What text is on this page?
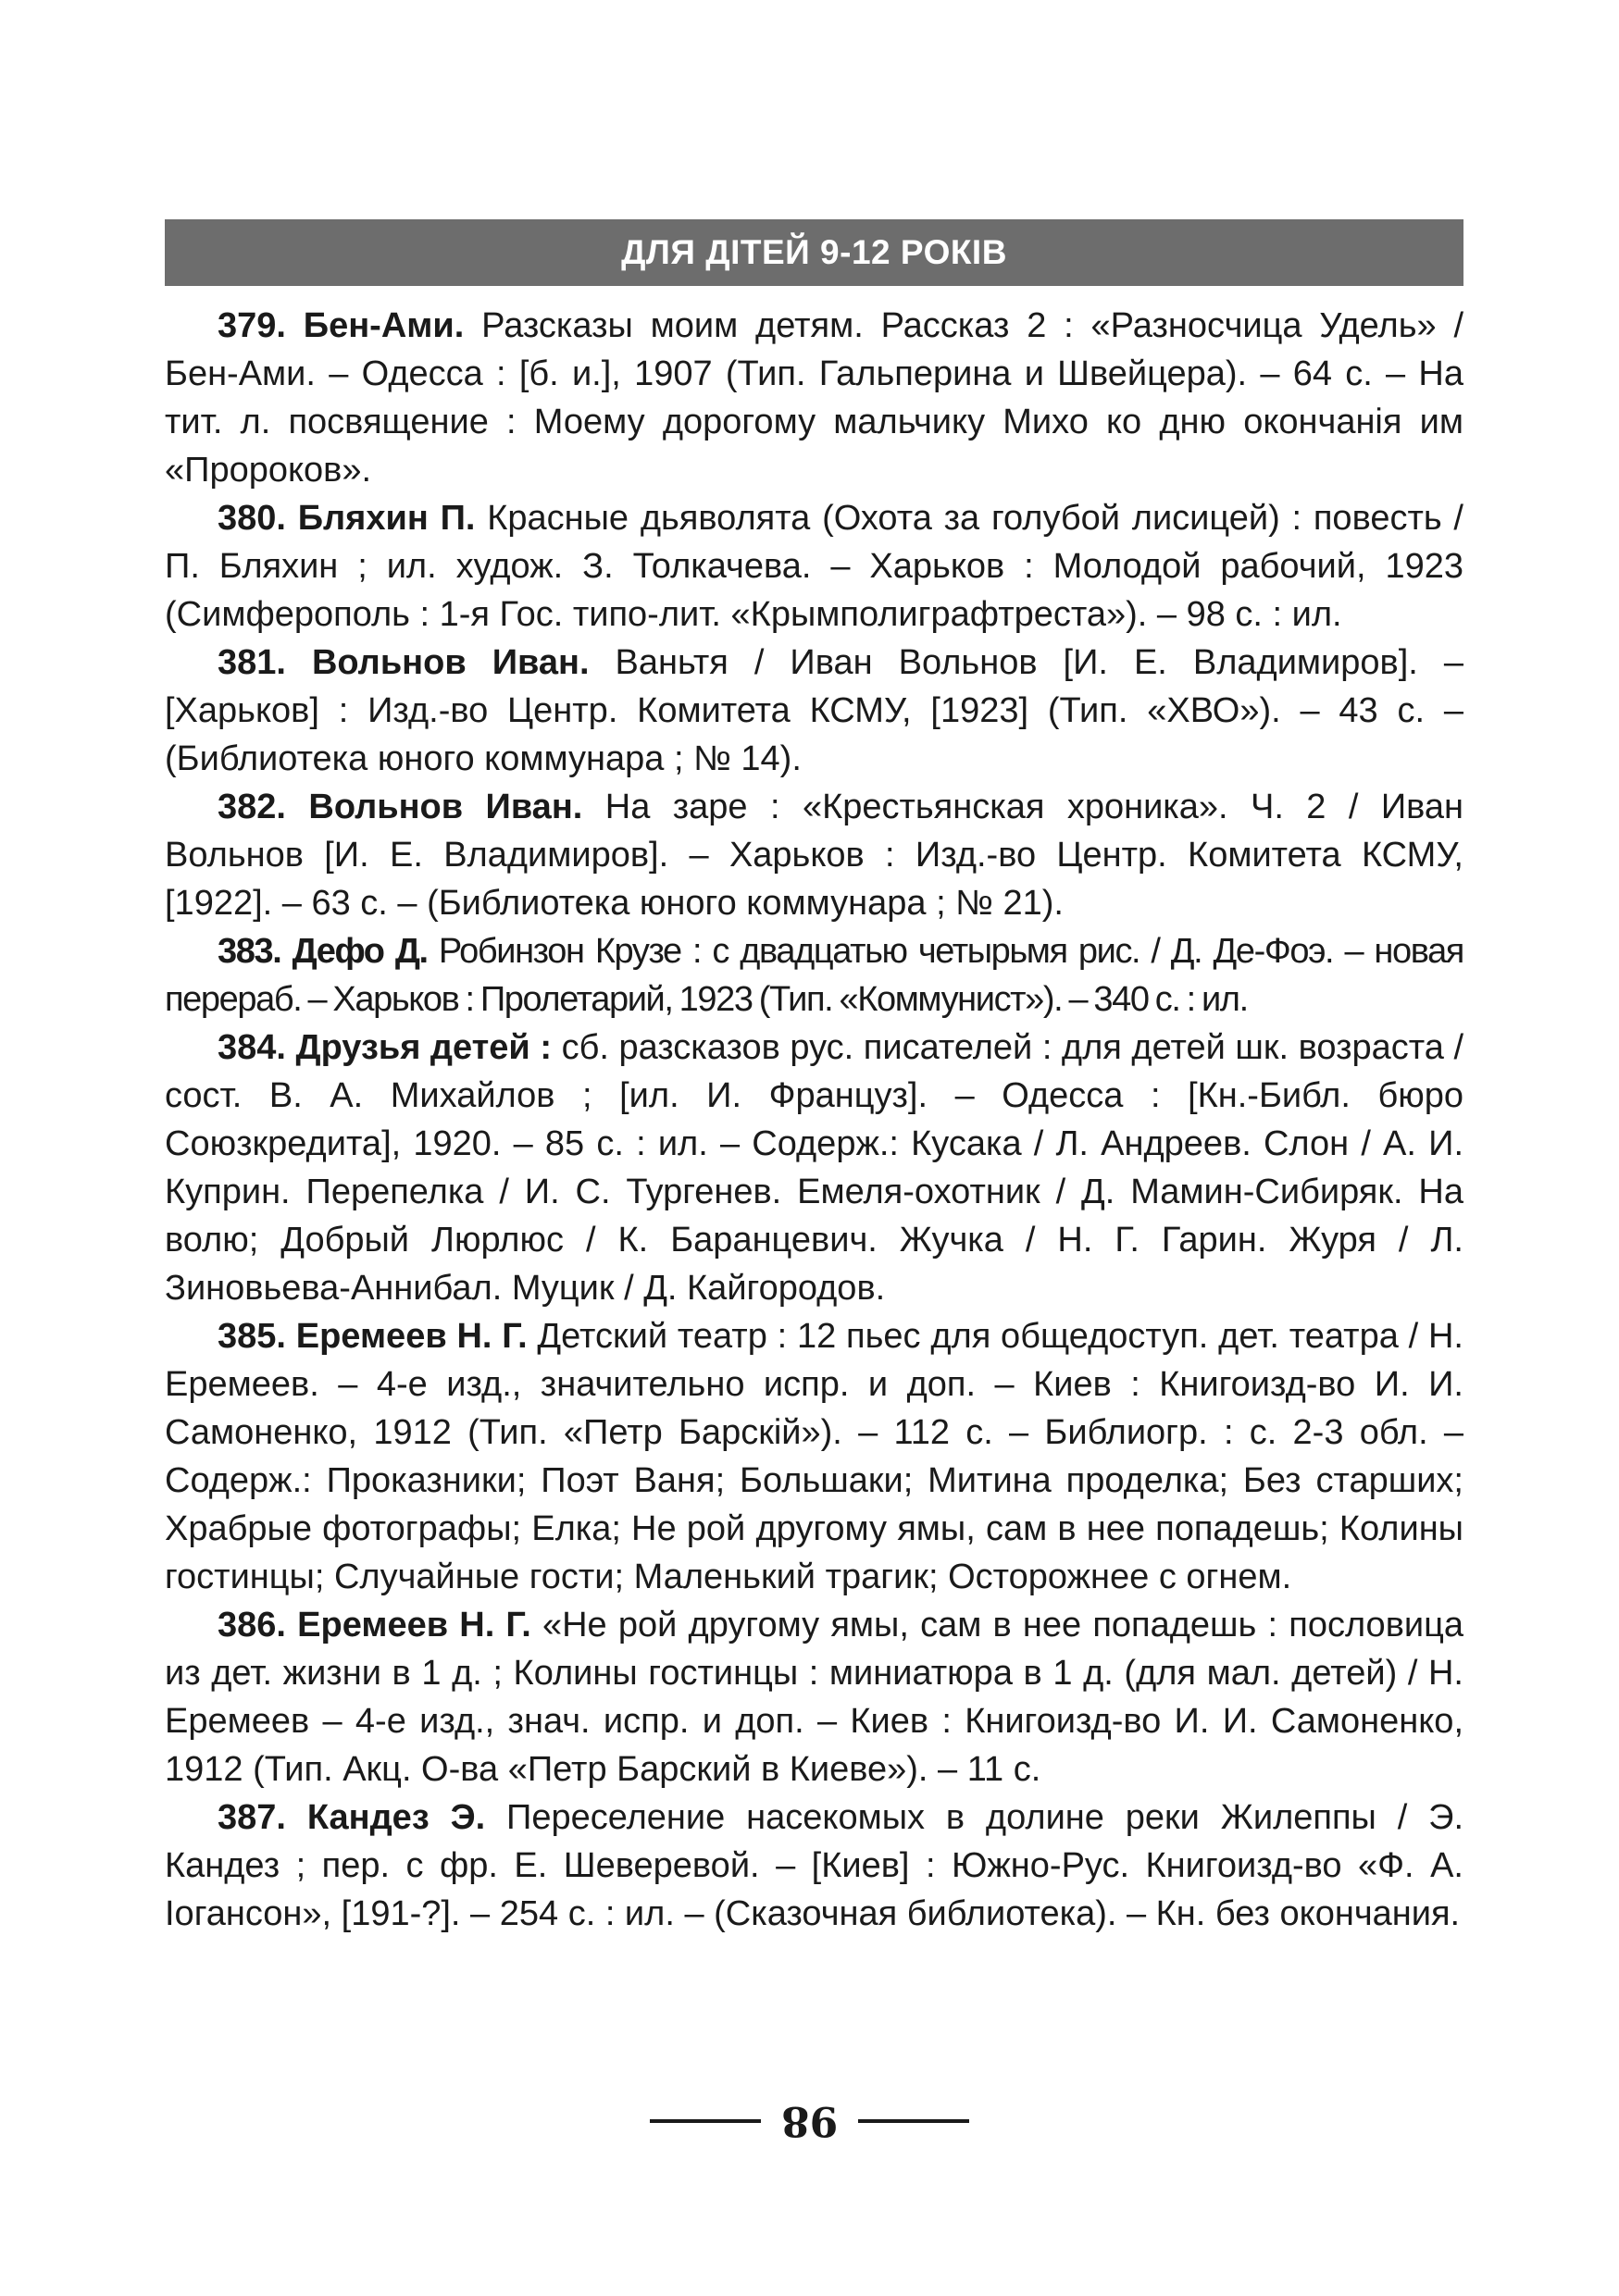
ДЛЯ ДІТЕЙ 9-12 РОКІВ

379. Бен-Ами. Разсказы моим детям. Рассказ 2 : «Разносчица Удель» / Бен-Ами. – Одесса : [б. и.], 1907 (Тип. Гальперина и Швейцера). – 64 с. – На тит. л. посвящение : Моему дорогому мальчику Михо ко дню окончанія им «Пророков».

380. Бляхин П. Красные дьяволята (Охота за голубой лисицей) : повесть / П. Бляхин ; ил. худож. З. Толкачева. – Харьков : Молодой рабочий, 1923 (Симферополь : 1-я Гос. типо-лит. «Крымполиграфтреста»). – 98 с. : ил.

381. Вольнов Иван. Ваньтя / Иван Вольнов [И. Е. Владимиров]. – [Харьков] : Изд.-во Центр. Комитета КСМУ, [1923] (Тип. «ХВО»). – 43 с. – (Библиотека юного коммунара ; № 14).

382. Вольнов Иван. На заре : «Крестьянская хроника». Ч. 2 / Иван Вольнов [И. Е. Владимиров]. – Харьков : Изд.-во Центр. Комитета КСМУ, [1922]. – 63 с. – (Библиотека юного коммунара ; № 21).

383. Дефо Д. Робинзон Крузе : с двадцатью четырьмя рис. / Д. Де-Фоэ. – новая перераб. – Харьков : Пролетарий, 1923 (Тип. «Коммунист»). – 340 с. : ил.

384. Друзья детей : сб. разсказов рус. писателей : для детей шк. возраста / сост. В. А. Михайлов ; [ил. И. Француз]. – Одесса : [Кн.-Библ. бюро Союзкредита], 1920. – 85 с. : ил. – Содерж.: Кусака / Л. Андреев. Слон / А. И. Куприн. Перепелка / И. С. Тургенев. Емеля-охотник / Д. Мамин-Сибиряк. На волю; Добрый Люрлюс / К. Баранцевич. Жучка / Н. Г. Гарин. Журя / Л. Зиновьева-Аннибал. Муцик / Д. Кайгородов.

385. Еремеев Н. Г. Детский театр : 12 пьес для общедоступ. дет. театра / Н. Еремеев. – 4-е изд., значительно испр. и доп. – Киев : Книгоизд-во И. И. Самоненко, 1912 (Тип. «Петр Барскій»). – 112 с. – Библиогр. : с. 2-3 обл. – Содерж.: Проказники; Поэт Ваня; Большаки; Митина проделка; Без старших; Храбрые фотографы; Елка; Не рой другому ямы, сам в нее попадешь; Колины гостинцы; Случайные гости; Маленький трагик; Осторожнее с огнем.

386. Еремеев Н. Г. «Не рой другому ямы, сам в нее попадешь : пословица из дет. жизни в 1 д. ; Колины гостинцы : миниатюра в 1 д. (для мал. детей) / Н. Еремеев – 4-е изд., знач. испр. и доп. – Киев : Книгоизд-во И. И. Самоненко, 1912 (Тип. Акц. О-ва «Петр Барский в Киеве»). – 11 с.

387. Кандез Э. Переселение насекомых в долине реки Жилеппы / Э. Кандез ; пер. с фр. Е. Шеверевой. – [Киев] : Южно-Рус. Книгоизд-во «Ф. А. Іогансон», [191-?]. – 254 с. : ил. – (Сказочная библиотека). – Кн. без окончания.

98
